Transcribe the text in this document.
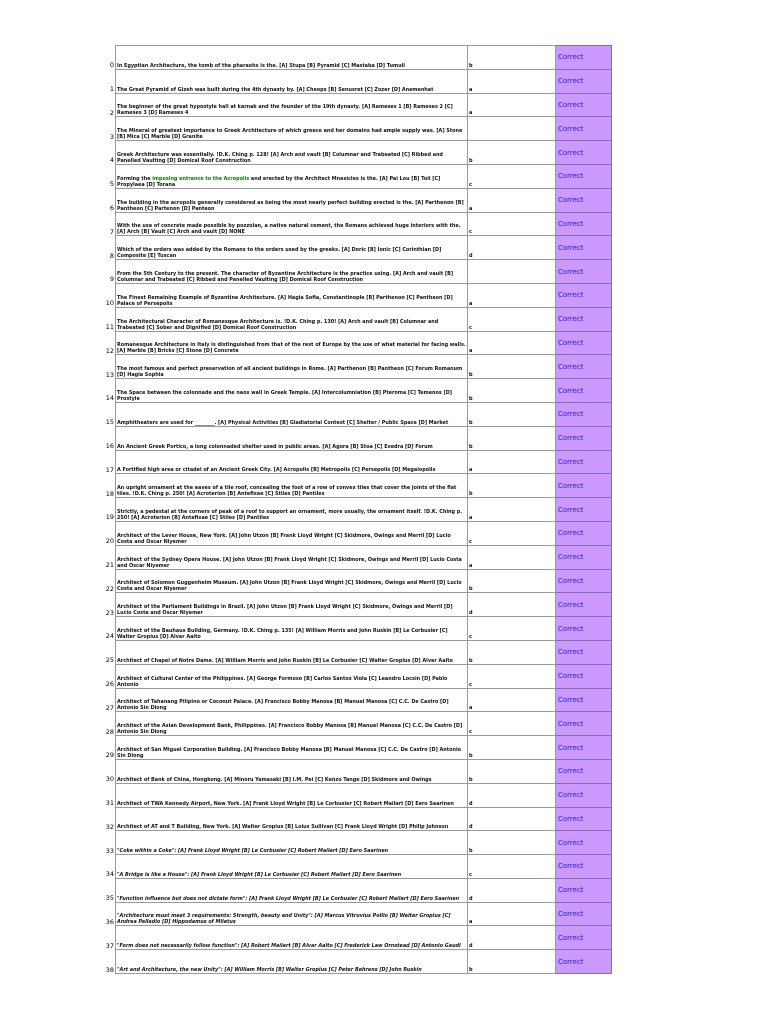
0	In Egyptian Architecture, the tomb of the pharaohs is the. [A] Stupa [B] Pyramid [C] Mastaba [D] Tumuli	b	Correct
1	The Great Pyramid of Gizeh was built during the 4th dynasty by. [A] Cheops [B] Senusret [C] Zozer [D] Anemenhat	a	Correct
2	The beginner of the great hypostyle hall at karnak and the founder of the 19th dynasty. [A] Rameses 1 [B] Rameses 2 [C] Rameses 3 [D] Rameses 4	a	Correct
3	The Mineral of greatest importance to Greek Architecture of which greece and her domains had ample supply was. [A] Stone [B] Mica [C] Marble [D] Granite		Correct
4	Greek Architecture was essentially. !D.K. Ching p. 128! [A] Arch and vault [B] Columnar and Trabeated [C] Ribbed and Panelled Vaulting [D] Domical Roof Construction	b	Correct
5	Forming the imposing entrance to the Acropolis and erected by the Architect Mnesicles is the. [A] Pai Lou [B] Toii [C] Propylaea [D] Torana	c	Correct
6	The building in the acropolis generally considered as being the most nearly perfect building erected is the. [A] Parthenon [B] Pantheon [C] Partenon [D] Panteon	a	Correct
7	With the use of concrete made possible by pozzolan, a native natural cement, the Romans achieved huge interiors with the. [A] Arch [B] Vault [C] Arch and vault [D] NONE	c	Correct
8	Which of the orders was added by the Romans to the orders used by the greeks. [A] Doric [B] Ionic [C] Corinthian [D] Composite [E] Tuscan	d	Correct
9	From the 5th Century to the present. The character of Byzantine Architecture is the practice using. [A] Arch and vault [B] Columnar and Trabeated [C] Ribbed and Panelled Vaulting [D] Domical Roof Construction		Correct
10	The Finest Remaining Example of Byzantine Architecture. [A] Hagia Sofia, Constantinople [B] Parthenon [C] Pantheon [D] Palace of Persepolis	a	Correct
11	The Architectural Character of Romanesque Architecture is. !D.K. Ching p. 130! [A] Arch and vault [B] Columnar and Trabeated [C] Sober and Dignified [D] Domical Roof Construction	c	Correct
12	Romanesque Architecture in Italy is distinguished from that of the rest of Europe by the use of what material for facing walls. [A] Marble [B] Bricks [C] Stone [D] Concrete	a	Correct
13	The most famous and perfect preservation of all ancient buildings in Rome. [A] Parthenon [B] Pantheon [C] Forum Romanum [D] Hagia Sophia	b	Correct
14	The Space between the colonnade and the naos wall in Greek Temple. [A] Intercolumniation [B] Pteroma [C] Temenos [D] Prostyle	b	Correct
15	Amphitheaters are used for ________. [A] Physical Activities [B] Gladiatorial Contest [C] Shelter / Public Space [D] Market	b	Correct
16	An Ancient Greek Portico, a long colonnaded shelter used in public areas. [A] Agora [B] Stoa [C] Exedra [D] Forum	b	Correct
17	A Fortified high area or citadel of an Ancient Greek City. [A] Acropolis [B] Metropolis [C] Persepolis [D] Megalopolis	a	Correct
18	An upright ornament at the eaves of a tile roof, concealing the foot of a row of convex tiles that cover the joints of the flat tiles. !D.K. Ching p. 250! [A] Acroterion [B] Antefixae [C] Stiles [D] Pantiles	b	Correct
19	Strictly, a pedestal at the corners of peak of a roof to support an ornament, more usually, the ornament itself. !D.K. Ching p. 250! [A] Acroterion [B] Antefixae [C] Stiles [D] Pantiles	a	Correct
20	Architect of the Lever House, New York. [A] John Utzon [B] Frank Lloyd Wright [C] Skidmore, Owings and Merril [D] Lucio Costa and Oscar Niyemer	c	Correct
21	Architect of the Sydney Opera House. [A] John Utzon [B] Frank Lloyd Wright [C] Skidmore, Owings and Merril [D] Lucio Costa and Oscar Niyemer	a	Correct
22	Architect of Solomon Guggenheim Museum. [A] John Utzon [B] Frank Lloyd Wright [C] Skidmore, Owings and Merril [D] Lucio Costa and Oscar Niyemer	b	Correct
23	Architect of the Parliament Buildings in Brazil. [A] John Utzon [B] Frank Lloyd Wright [C] Skidmore, Owings and Merril [D] Lucio Costa and Oscar Niyemer	d	Correct
24	Architect of the Bauhaus Building, Germany. !D.K. Ching p. 135! [A] William Morris and John Ruskin [B] Le Corbusier [C] Walter Gropius [D] Alvar Aalto	c	Correct
25	Architect of Chapel of Notre Dame. [A] William Morris and John Ruskin [B] Le Corbusier [C] Walter Gropius [D] Alvar Aalto	b	Correct
26	Architect of Cultural Center of the Philippines. [A] George Formoso [B] Carlos Santos Viola [C] Leandro Locsin [D] Pablo Antonio	c	Correct
27	Architect of Tahanang Pilipino or Coconut Palace. [A] Francisco Bobby Manosa [B] Manuel Manosa [C] C.C. De Castro [D] Antonio Sin Diong	a	Correct
28	Architect of the Asian Development Bank, Philippines. [A] Francisco Bobby Manosa [B] Manuel Manosa [C] C.C. De Castro [D] Antonio Sin Diong	c	Correct
29	Architect of San Miguel Corporation Building. [A] Francisco Bobby Manosa [B] Manuel Manosa [C] C.C. De Castro [D] Antonio Sin Diong	b	Correct
30	Architect of Bank of China, Hongkong. [A] Minoru Yamasaki [B] I.M. Pei [C] Kenzo Tange [D] Skidmore and Owings	b	Correct
31	Architect of TWA Kennedy Airport, New York. [A] Frank Lloyd Wright [B] Le Corbusier [C] Robert Mailart [D] Eero Saarinen	d	Correct
32	Architect of AT and T Building, New York. [A] Walter Gropius [B] Loius Sullivan [C] Frank Lloyd Wright [D] Philip Johnson	d	Correct
33	"Coke within a Coke": [A] Frank Lloyd Wright [B] Le Corbusier [C] Robert Mailart [D] Eero Saarinen	b	Correct
34	"A Bridge is like a House": [A] Frank Lloyd Wright [B] Le Corbusier [C] Robert Mailart [D] Eero Saarinen	c	Correct
35	"Function influence but does not dictate form": [A] Frank Lloyd Wright [B] Le Corbusier [C] Robert Mailart [D] Eero Saarinen	d	Correct
36	"Architecture must meet 3 requirements: Strength, beauty and Unity": [A] Marcus Vitruvius Pollio [B] Walter Gropius [C] Andrea Palladio [D] Hippodamus of Miletus	a	Correct
37	"Form does not necessarily follow function": [A] Robert Mailart [B] Alvar Aalto [C] Frederick Law Ornstead [D] Antonio Gaudi	d	Correct
38	"Art and Architecture, the new Unity": [A] William Morris [B] Walter Gropius [C] Peter Behrens [D] John Ruskin	b	Correct
